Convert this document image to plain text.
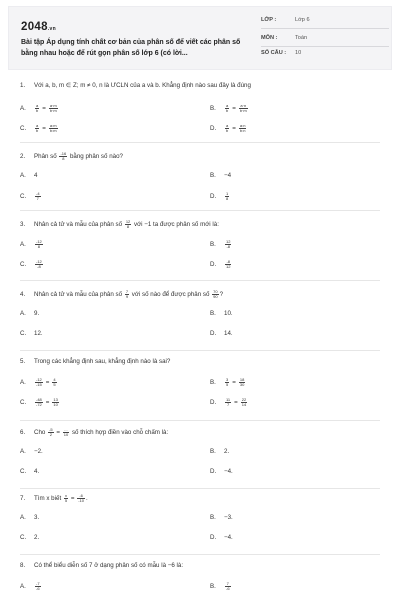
2048.vn
Bài tập Áp dụng tính chất cơ bản của phân số để viết các phân số bằng nhau hoặc để rút gọn phân số lớp 6 (có lời...
LỚP :	Lớp 6
MÔN :	Toán
SỐ CÂU : 10
1. Với a, b, m ∈ Z; m ≠ 0, n là ƯCLN của a và b. Khẳng định nào sau đây là đúng
A. $\frac{a}{b} = \frac{a\cdot m}{b\cdot m}$	B. $\frac{a}{b} = \frac{a\cdot n}{b\cdot m}$
C. $\frac{a}{b} = \frac{a:m}{b:m}$	D. $\frac{a}{b} = \frac{a:n}{b:n}$
2. Phân số $\frac{-16}{8}$ bằng phân số nào?
A. 4	B. −4
C. $\frac{-4}{7}$	D. $\frac{1}{8}$
3. Nhân cả tử và mẫu của phân số $\frac{12}{8}$ với −1 ta được phân số mới là:
A. $\frac{-12}{8}$	B. $\frac{12}{-8}$
C. $\frac{-12}{-8}$	D. $\frac{-8}{12}$
4. Nhân cả tử và mẫu của phân số $\frac{7}{9}$ với số nào để được phân số $\frac{70}{90}$ ?
A. 9.	B. 10.
C. 12.	D. 14.
5. Trong các khẳng định sau, khẳng định nào là sai?
A. $\frac{-12}{-15} = \frac{4}{5}$	B. $\frac{3}{5} = \frac{18}{30}$
C. $\frac{-48}{-72} = \frac{13}{10}$	D. $\frac{11}{7} = \frac{22}{14}$
6. Cho $\frac{-5}{2} = \frac{...}{10}$ số thích hợp điền vào chỗ chấm là:
A. −2.	B. 2.
C. 4.	D. −4.
7. Tìm x biết $\frac{x}{5} = \frac{-6}{-10}$ .
A. 3.	B. −3.
C. 2.	D. −4.
8. Có thể biểu diễn số 7 ở dạng phân số có mẫu là −6 là:
A. $\frac{-7}{-6}$	B. $\frac{7}{-6}$
